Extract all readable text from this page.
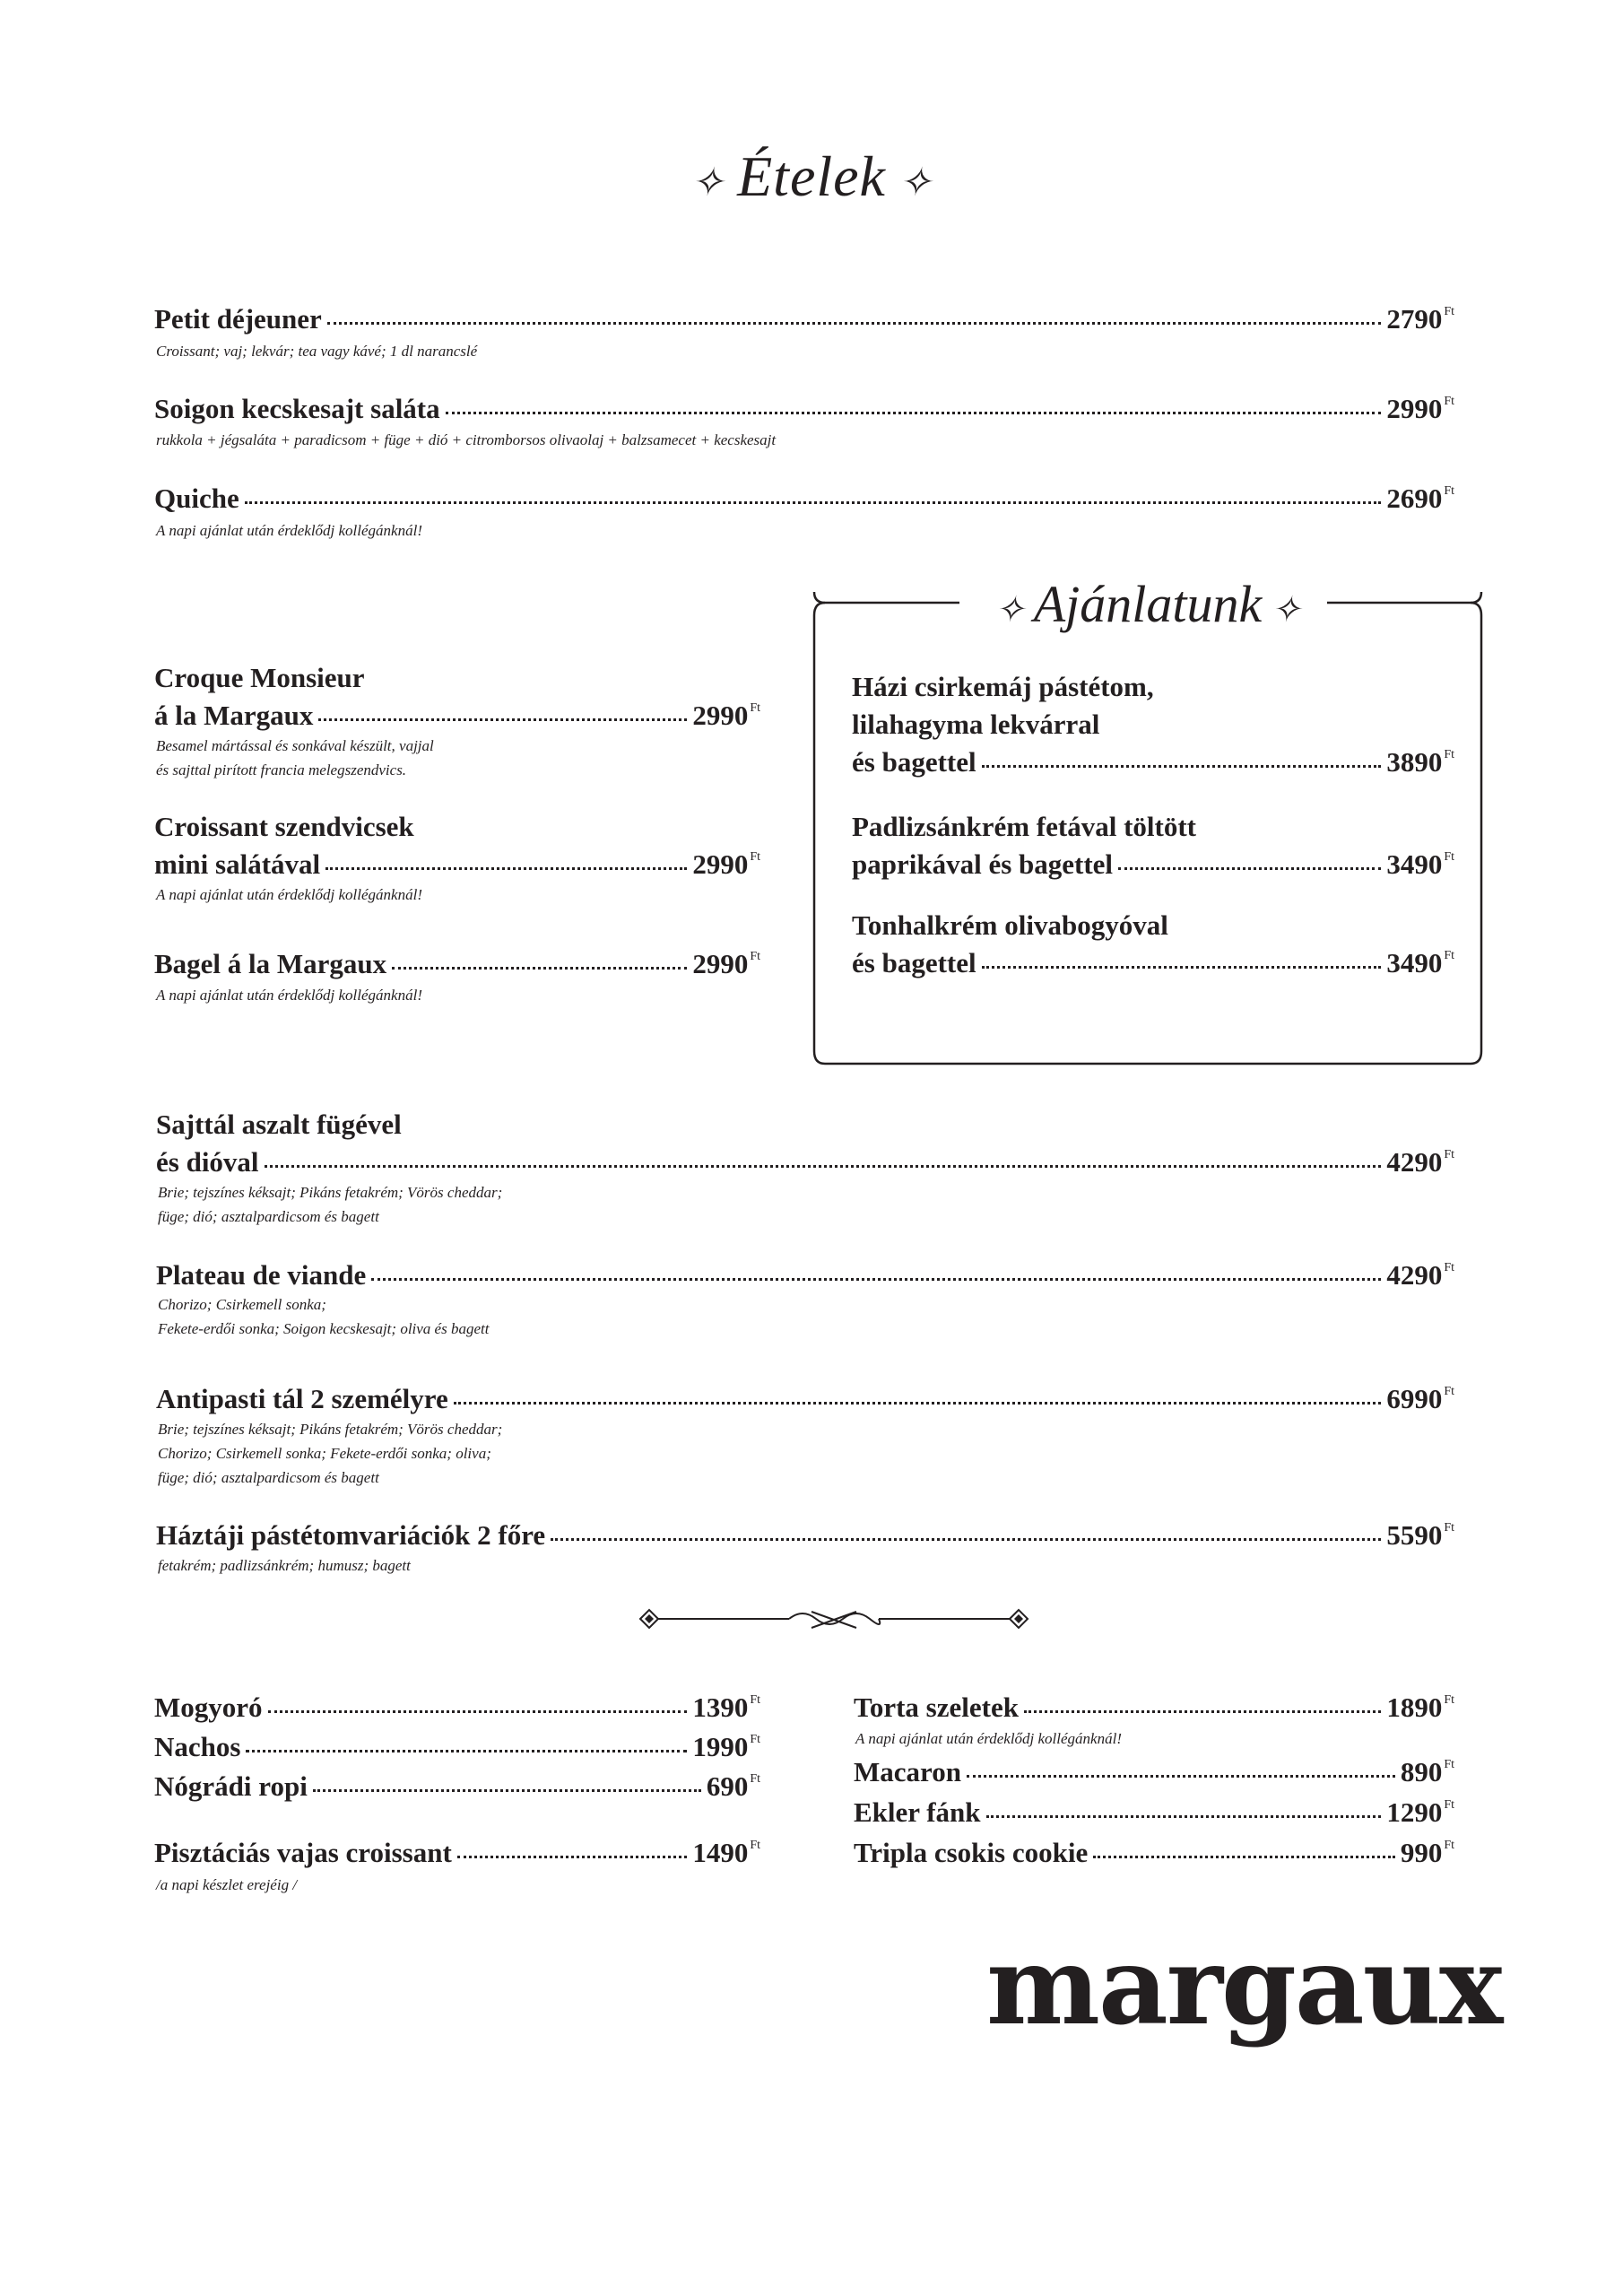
✧ Ételek ✧
Petit déjeuner	2790 $^{Ft}$
Croissant; vaj; lekvár; tea vagy kávé; 1 dl narancslé
Soigon kecskesajt saláta	2990 $^{Ft}$
rukkola + jégsaláta + paradicsom + füge + dió + citromborsos olivaolaj + balzsamecet + kecskesajt
Quiche	2690 $^{Ft}$
A napi ajánlat után érdeklődj kollégánknál!
Croque Monsieur
á la Margaux	2990 $^{Ft}$
Besamel mártással és sonkával készült, vajjal
és sajttal pirított francia melegszendvics.
Croissant szendvicsek
mini salátával	2990 $^{Ft}$
A napi ajánlat után érdeklődj kollégánknál!
Bagel á la Margaux	2990 $^{Ft}$
A napi ajánlat után érdeklődj kollégánknál!
✧ Ajánlatunk ✧
Házi csirkemáj pástétom,
lilahagyma lekvárral
és bagettel	3890 $^{Ft}$
Padlizsánkrém fetával töltött
paprikával és bagettel	3490 $^{Ft}$
Tonhalkrém olivabogyóval
és bagettel	3490 $^{Ft}$
Sajttál aszalt fügével
és dióval	4290 $^{Ft}$
Brie; tejszínes kéksajt; Pikáns fetakrém; Vörös cheddar;
füge; dió; asztalpardicsom és bagett
Plateau de viande	4290 $^{Ft}$
Chorizo; Csirkemell sonka;
Fekete-erdői sonka; Soigon kecskesajt; oliva és bagett
Antipasti tál 2 személyre	6990 $^{Ft}$
Brie; tejszínes kéksajt; Pikáns fetakrém; Vörös cheddar;
Chorizo; Csirkemell sonka; Fekete-erdői sonka; oliva;
füge; dió; asztalpardicsom és bagett
Háztáji pástétomvariációk 2 főre	5590 $^{Ft}$
fetakrém; padlizsánkrém; humusz; bagett
Mogyoró	1390 $^{Ft}$
Nachos	1990 $^{Ft}$
Nógrádi ropi	690 $^{Ft}$
Pisztáciás vajas croissant	1490 $^{Ft}$
/a napi készlet erejéig /
Torta szeletek	1890 $^{Ft}$
A napi ajánlat után érdeklődj kollégánknál!
Macaron	890 $^{Ft}$
Ekler fánk	1290 $^{Ft}$
Tripla csokis cookie	990 $^{Ft}$
margaux
